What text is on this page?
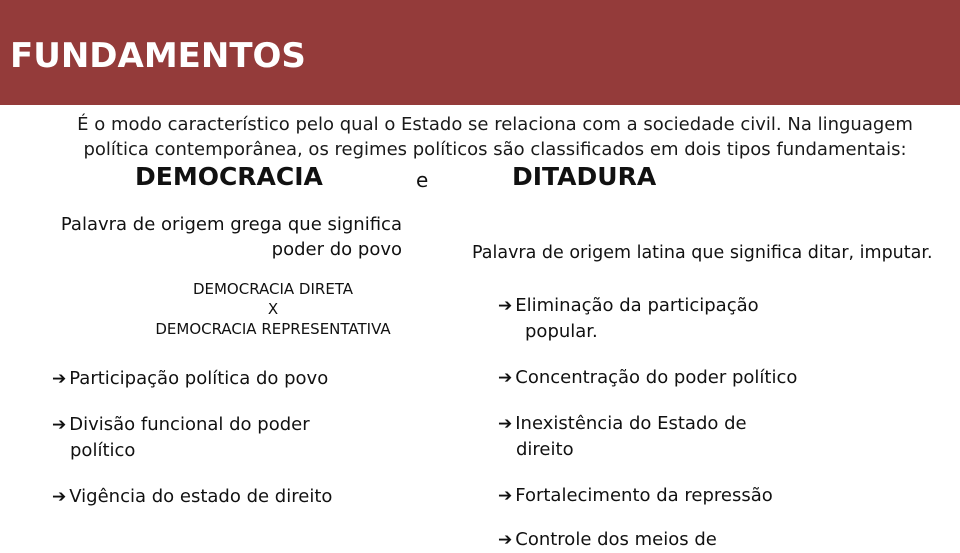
FUNDAMENTOS
É o modo característico pelo qual o Estado se relaciona com a sociedade civil. Na linguagem
política contemporânea, os regimes políticos são classificados em dois tipos fundamentais:
DEMOCRACIA	e	DITADURA
Palavra de origem grega que significa
poder do povo
DEMOCRACIA DIRETA
X
DEMOCRACIA REPRESENTATIVA
➔ Participação política do povo
➔ Divisão funcional do poder
político
➔ Vigência do estado de direito
Palavra de origem latina que significa ditar, imputar.
➔ Eliminação da participação
popular.
➔ Concentração do poder político
➔ Inexistência do Estado de
direito
➔ Fortalecimento da repressão
➔ Controle dos meios de
